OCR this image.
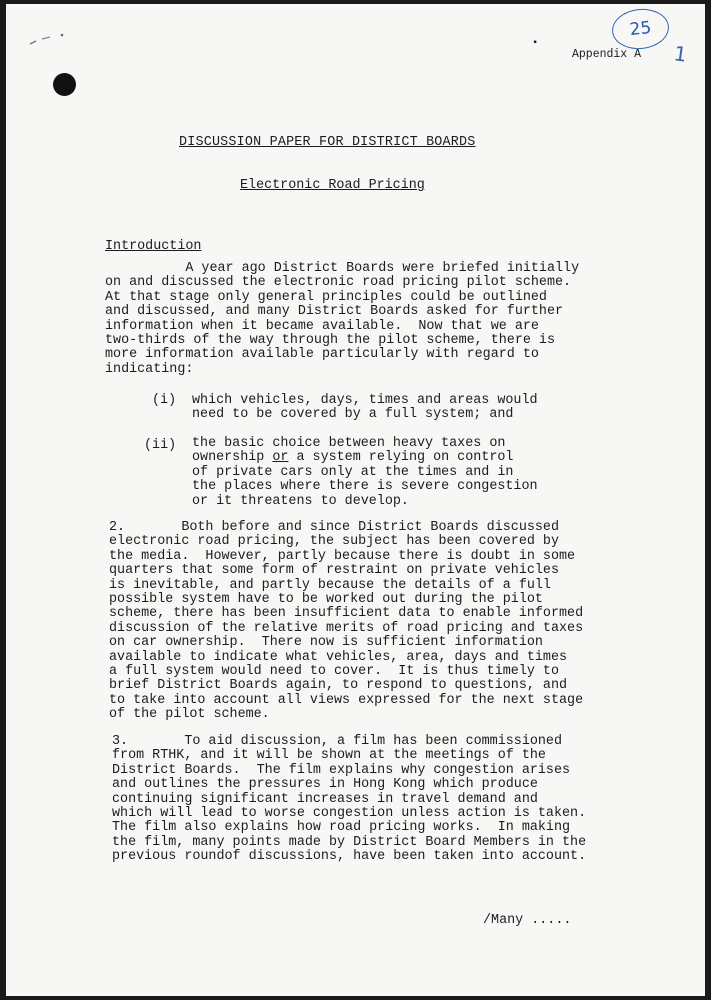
25
1
▪
Appendix A
DISCUSSION PAPER FOR DISTRICT BOARDS
Electronic Road Pricing
Introduction
A year ago District Boards were briefed initially
on and discussed the electronic road pricing pilot scheme.
At that stage only general principles could be outlined
and discussed, and many District Boards asked for further
information when it became available.  Now that we are
two-thirds of the way through the pilot scheme, there is
more information available particularly with regard to
indicating:
(i) which vehicles, days, times and areas would
need to be covered by a full system; and
(ii) the basic choice between heavy taxes on
ownership or a system relying on control
of private cars only at the times and in
the places where there is severe congestion
or it threatens to develop.
2.       Both before and since District Boards discussed
electronic road pricing, the subject has been covered by
the media.  However, partly because there is doubt in some
quarters that some form of restraint on private vehicles
is inevitable, and partly because the details of a full
possible system have to be worked out during the pilot
scheme, there has been insufficient data to enable informed
discussion of the relative merits of road pricing and taxes
on car ownership.  There now is sufficient information
available to indicate what vehicles, area, days and times
a full system would need to cover.  It is thus timely to
brief District Boards again, to respond to questions, and
to take into account all views expressed for the next stage
of the pilot scheme.
3.       To aid discussion, a film has been commissioned
from RTHK, and it will be shown at the meetings of the
District Boards.  The film explains why congestion arises
and outlines the pressures in Hong Kong which produce
continuing significant increases in travel demand and
which will lead to worse congestion unless action is taken.
The film also explains how road pricing works.  In making
the film, many points made by District Board Members in the
previous roundof discussions, have been taken into account.
/Many .....
